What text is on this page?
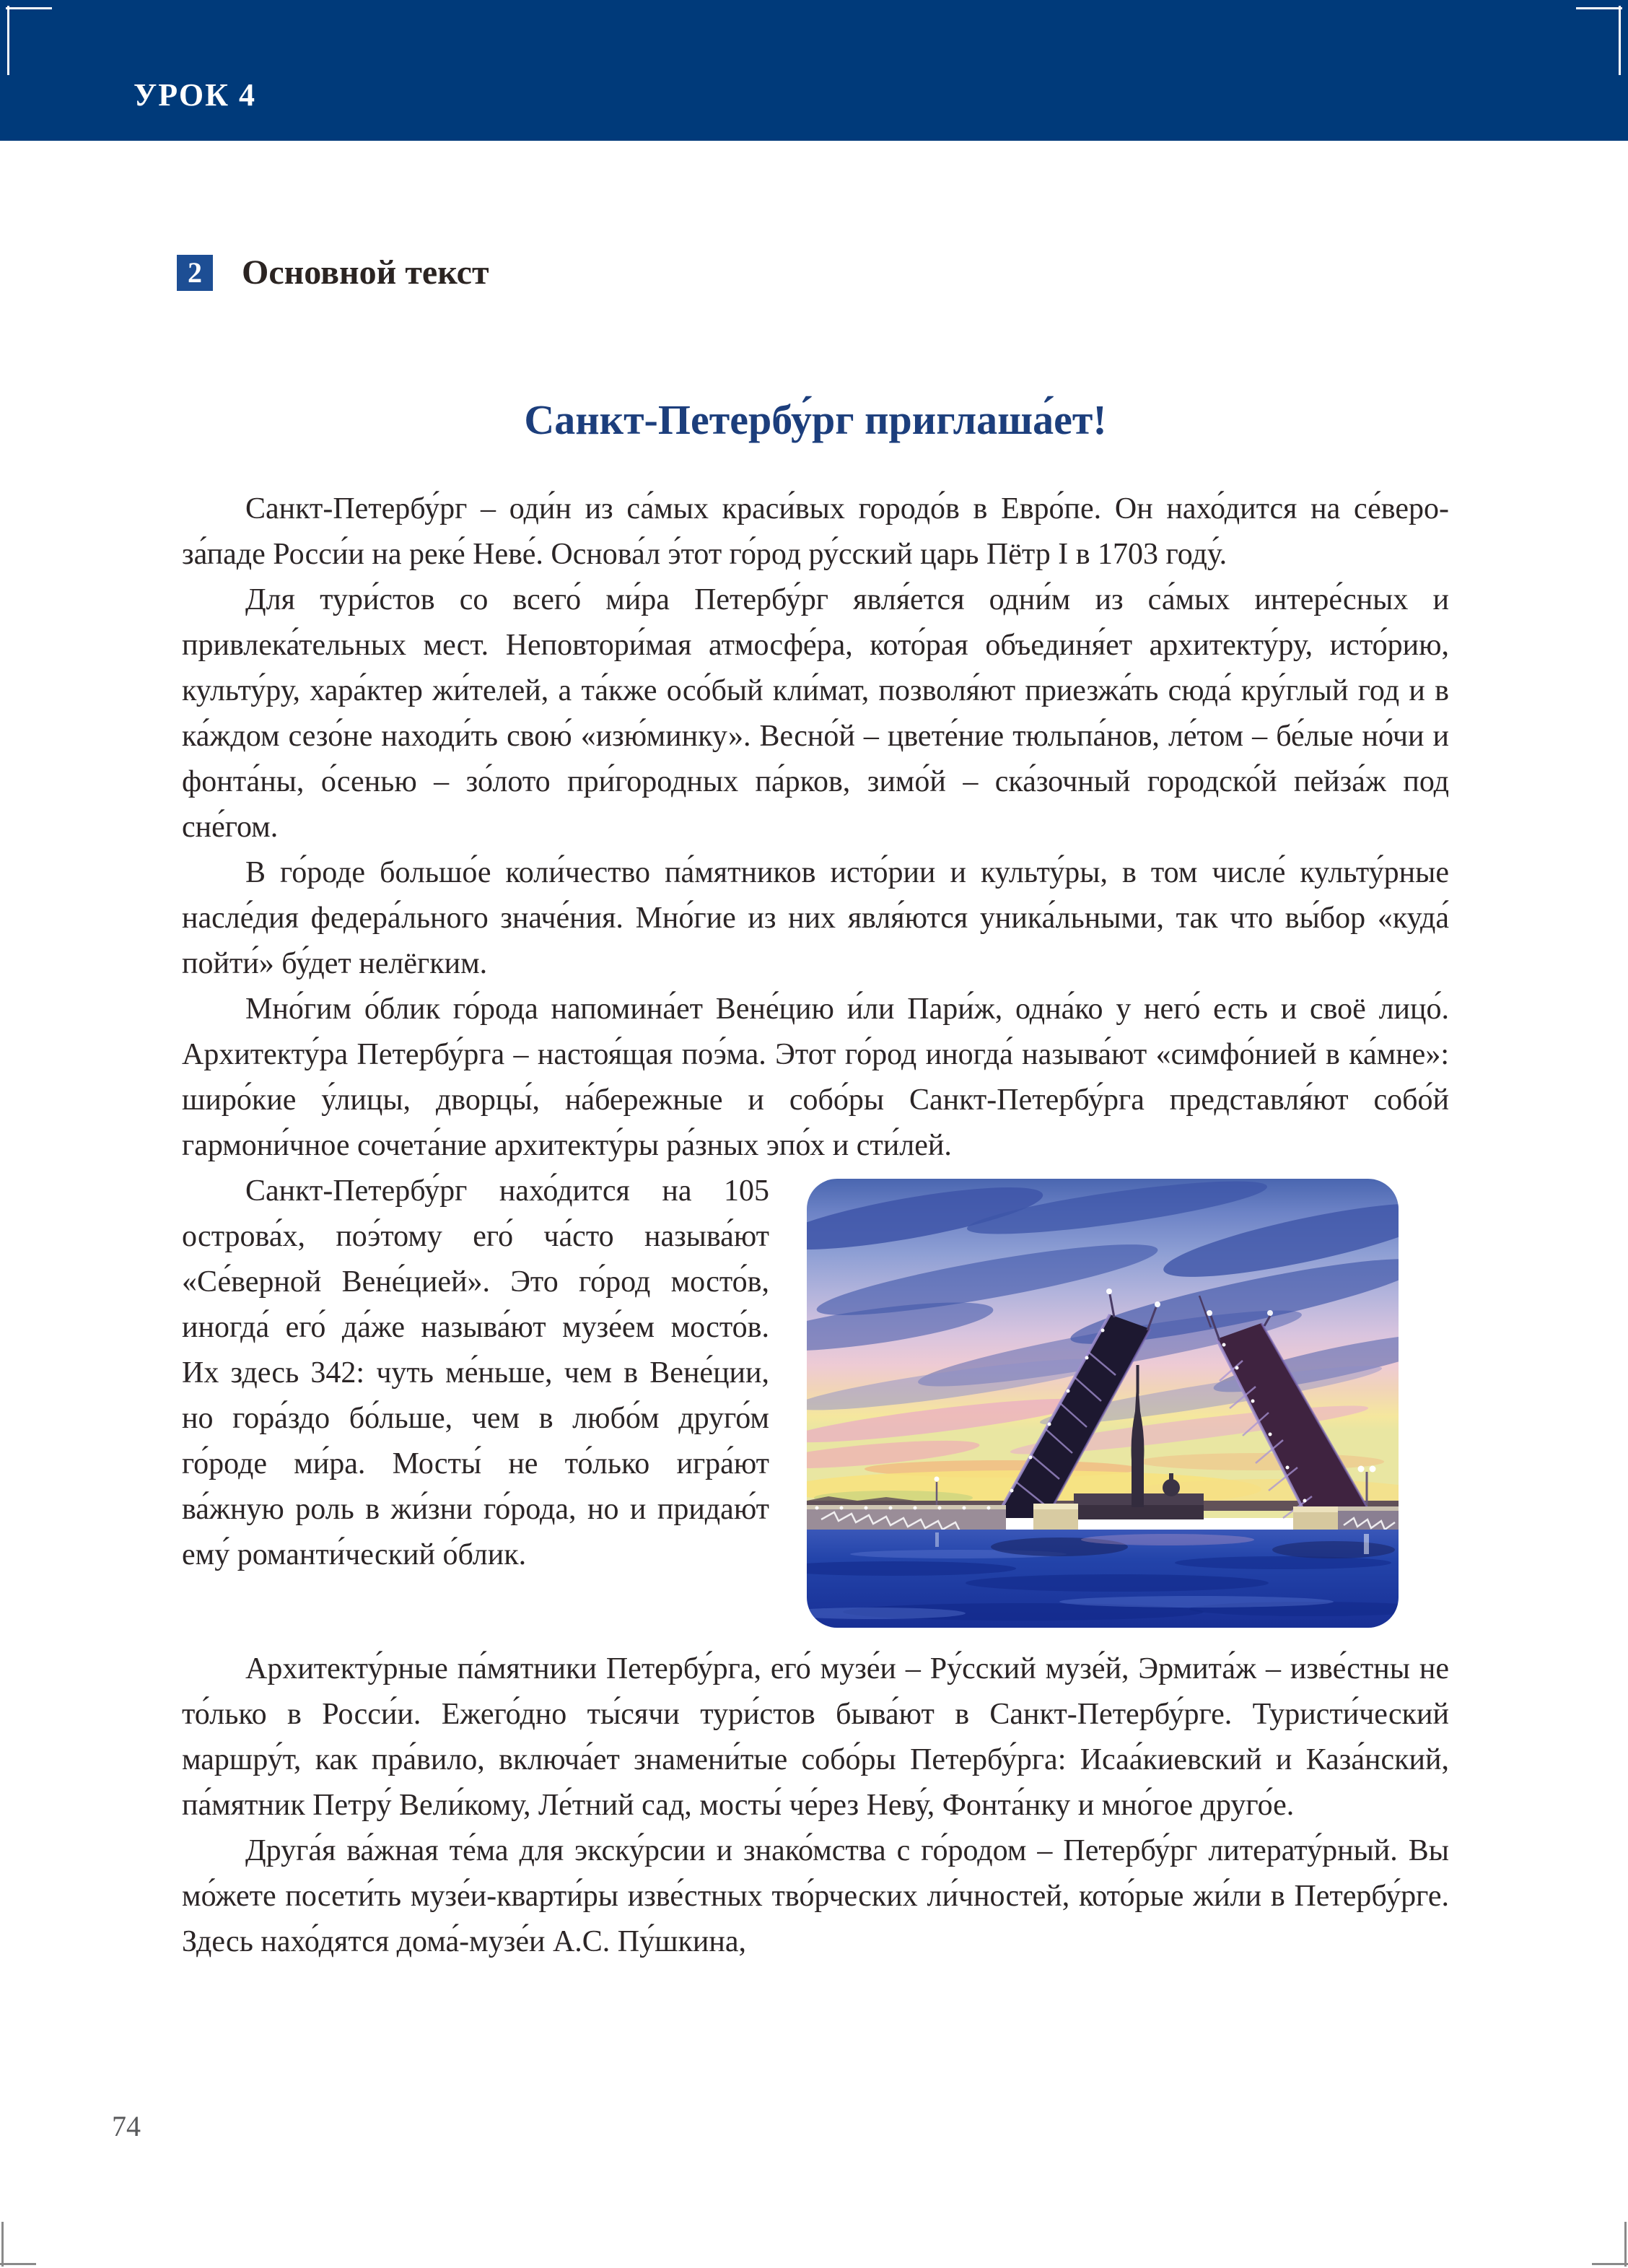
УРОК 4
2	Основной текст
Санкт-Петербу́рг приглаша́ет!

Санкт-Петербу́рг – оди́н из са́мых краси́вых городо́в в Евро́пе. Он нахо́дится на се́веро-за́паде Росси́и на реке́ Неве́. Основа́л э́тот го́род ру́сский царь Пётр I в 1703 году́.

Для тури́стов со всего́ ми́ра Петербу́рг явля́ется одни́м из са́мых интере́сных и привлека́тельных мест. Неповтори́мая атмосфе́ра, кото́рая объединя́ет архитекту́ру, исто́рию, культу́ру, хара́ктер жи́телей, а та́кже осо́бый кли́мат, позволя́ют приезжа́ть сюда́ кру́глый год и в ка́ждом сезо́не находи́ть свою́ «изю́минку». Весно́й – цвете́ние тюльпа́нов, ле́том – бе́лые но́чи и фонта́ны, о́сенью – зо́лото при́городных па́рков, зимо́й – ска́зочный городско́й пейза́ж под сне́гом.

В го́роде большо́е коли́чество па́мятников исто́рии и культу́ры, в том числе́ культу́рные насле́дия федера́льного значе́ния. Мно́гие из них явля́ются уника́льными, так что вы́бор «куда́ пойти́» бу́дет нелёгким.

Мно́гим о́блик го́рода напомина́ет Вене́цию и́ли Пари́ж, одна́ко у него́ есть и своё лицо́. Архитекту́ра Петербу́рга – настоя́щая поэ́ма. Этот го́род иногда́ называ́ют «симфо́нией в ка́мне»: широ́кие у́лицы, дворцы́, на́бережные и собо́ры Санкт-Петербу́рга представля́ют собо́й гармони́чное сочета́ние архитекту́ры ра́зных эпо́х и сти́лей.

Санкт-Петербу́рг нахо́дится на 105 острова́х, поэ́тому его́ ча́сто называ́ют «Се́верной Вене́цией». Это го́род мосто́в, иногда́ его́ да́же называ́ют музе́ем мосто́в. Их здесь 342: чуть ме́ньше, чем в Вене́ции, но гора́здо бо́льше, чем в любо́м друго́м го́роде ми́ра. Мосты́ не то́лько игра́ют ва́жную роль в жи́зни го́рода, но и придаю́т ему́ романти́ческий о́блик.

Архитекту́рные па́мятники Петербу́рга, его́ музе́и – Ру́сский музе́й, Эрмита́ж – изве́стны не то́лько в Росси́и. Ежего́дно ты́сячи тури́стов быва́ют в Санкт-Петербу́рге. Туристи́ческий маршру́т, как пра́вило, включа́ет знамени́тые собо́ры Петербу́рга: Исаа́киевский и Каза́нский, па́мятник Петру́ Вели́кому, Ле́тний сад, мосты́ че́рез Неву́, Фонта́нку и мно́гое друго́е.

Друга́я ва́жная те́ма для экску́рсии и знако́мства с го́родом – Петербу́рг литерату́рный. Вы мо́жете посети́ть музе́и-кварти́ры изве́стных тво́рческих ли́чностей, кото́рые жи́ли в Петербу́рге. Здесь нахо́дятся дома́-музе́и А.С. Пу́шкина,

74
